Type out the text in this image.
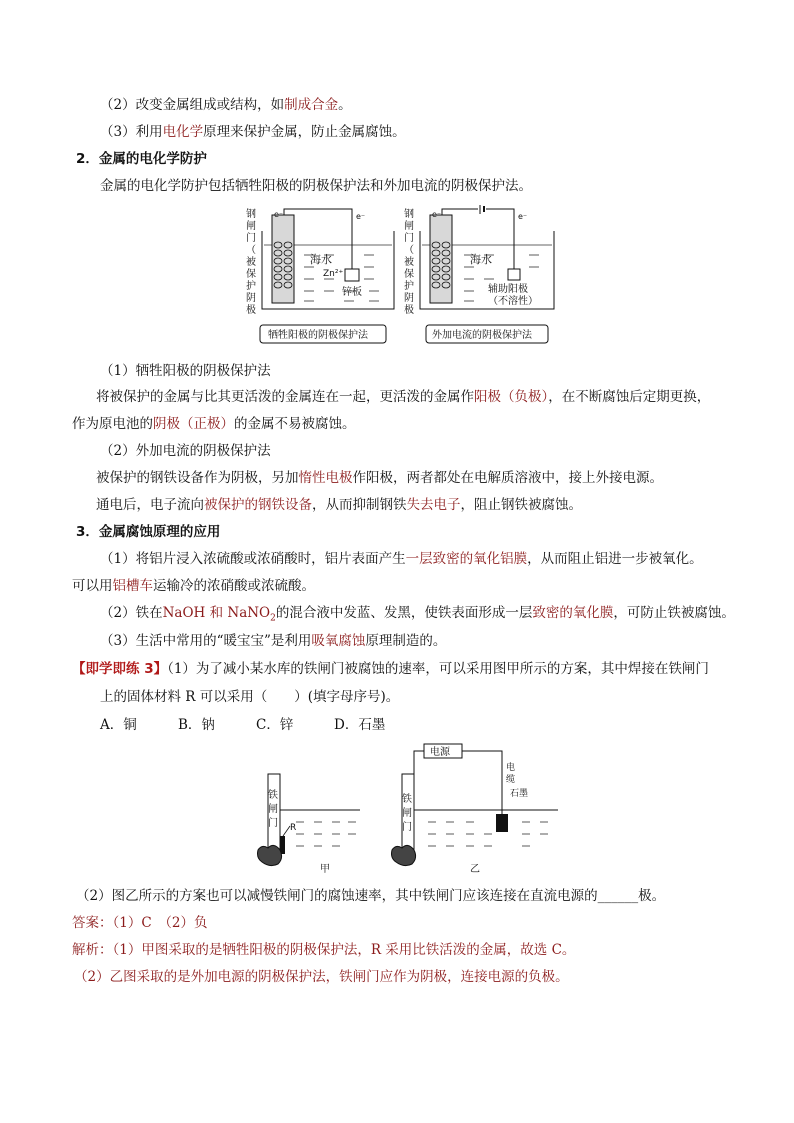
（2）改变金属组成或结构，如制成合金。
（3）利用电化学原理来保护金属，防止金属腐蚀。
2．金属的电化学防护
金属的电化学防护包括牺牲阳极的阴极保护法和外加电流的阴极保护法。
钢
闸
门
（
被
保
护
阴
极
e⁻	e⁻
海水
Zn²⁺
锌板
牺牲阳极的阴极保护法
钢
闸
门
（
被
保
护
阴
极
e⁻	e⁻
海水
辅助阳极
（不溶性）
外加电流的阴极保护法
（1）牺牲阳极的阴极保护法
将被保护的金属与比其更活泼的金属连在一起，更活泼的金属作阳极（负极），在不断腐蚀后定期更换，
作为原电池的阴极（正极）的金属不易被腐蚀。
（2）外加电流的阴极保护法
被保护的钢铁设备作为阴极，另加惰性电极作阳极，两者都处在电解质溶液中，接上外接电源。
通电后，电子流向被保护的钢铁设备，从而抑制钢铁失去电子，阻止钢铁被腐蚀。
3．金属腐蚀原理的应用
（1）将铝片浸入浓硫酸或浓硝酸时，铝片表面产生一层致密的氧化铝膜，从而阻止铝进一步被氧化。
可以用铝槽车运输冷的浓硝酸或浓硫酸。
（2）铁在NaOH 和 NaNO$_2$的混合液中发蓝、发黑，使铁表面形成一层致密的氧化膜，可防止铁被腐蚀。
（3）生活中常用的“暖宝宝”是利用吸氧腐蚀原理制造的。
【即学即练 3】（1）为了减小某水库的铁闸门被腐蚀的速率，可以采用图甲所示的方案，其中焊接在铁闸门
上的固体材料 R 可以采用（　　）(填字母序号)。
A．铜	B．钠	C．锌	D．石墨
铁
闸
门 R
甲
电源
电
缆
石墨
铁
闸
门
乙
（2）图乙所示的方案也可以减慢铁闸门的腐蚀速率，其中铁闸门应该连接在直流电源的______极。
答案：（1）C　（2）负
解析：（1）甲图采取的是牺牲阳极的阴极保护法，R 采用比铁活泼的金属，故选 C。
（2）乙图采取的是外加电源的阴极保护法，铁闸门应作为阴极，连接电源的负极。
